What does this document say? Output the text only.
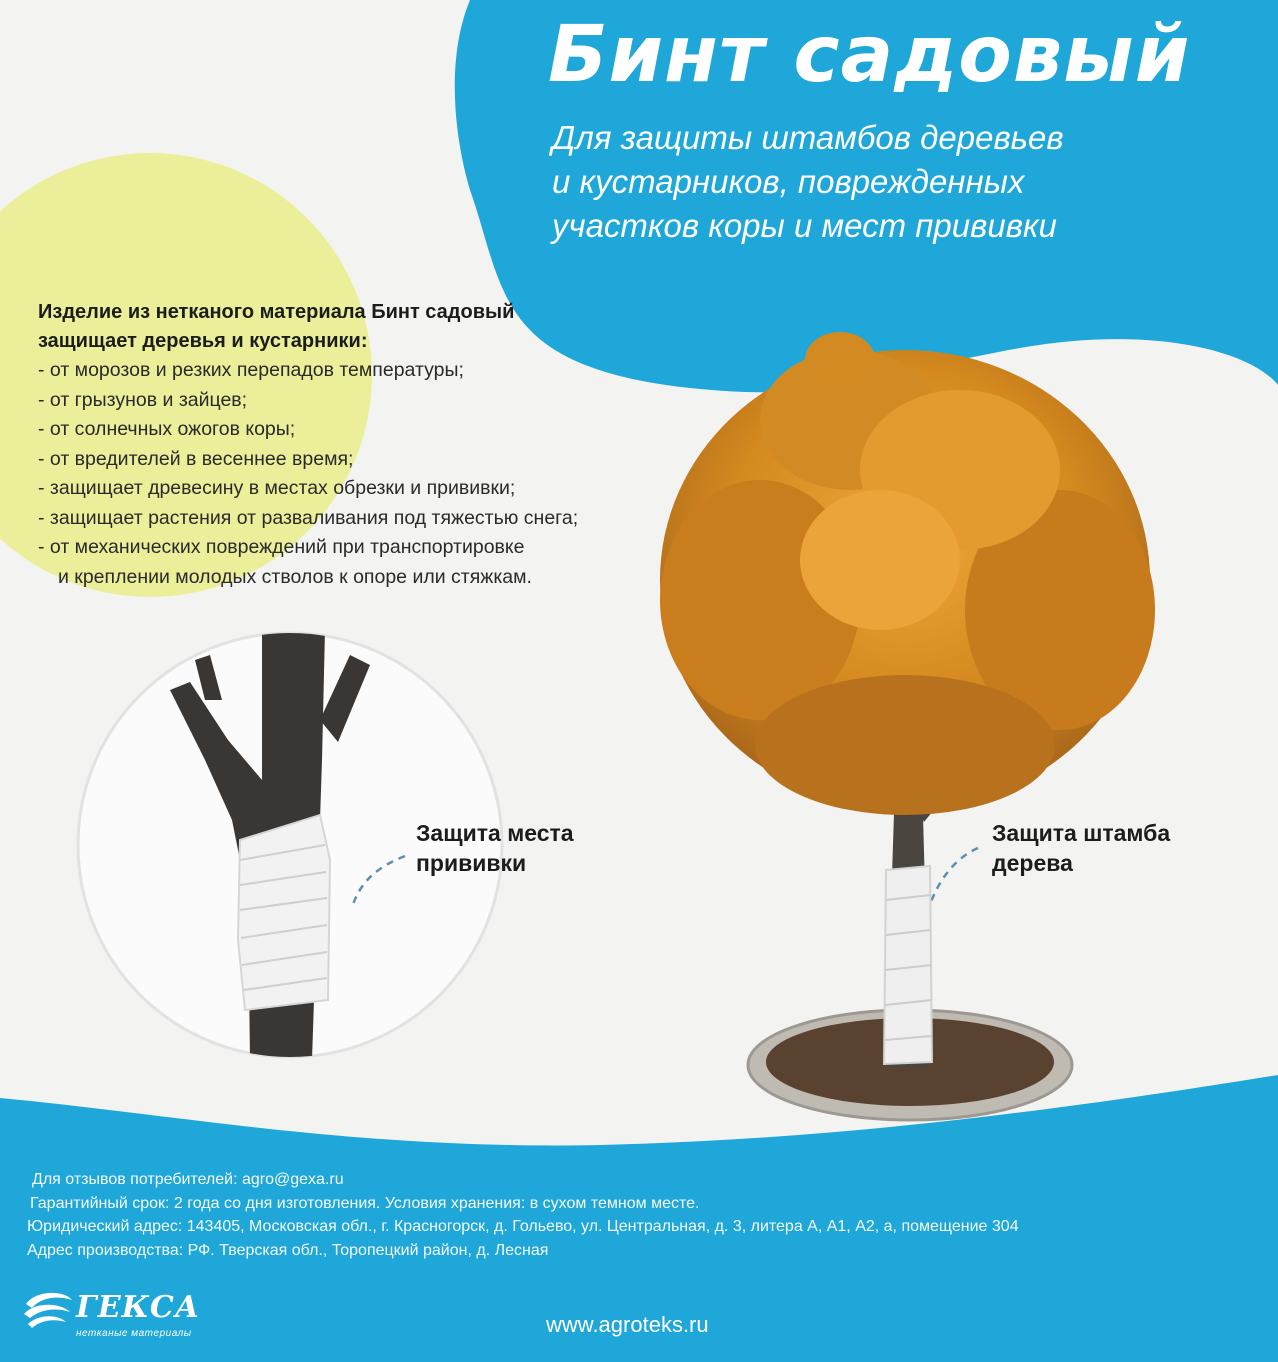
Бинт садовый
Для защиты штамбов деревьев
и кустарников, поврежденных
участков коры и мест прививки
Изделие из нетканого материала Бинт садовый
защищает деревья и кустарники:
- от морозов и резких перепадов температуры;
- от грызунов и зайцев;
- от солнечных ожогов коры;
- от вредителей в весеннее время;
- защищает древесину в местах обрезки и прививки;
- защищает растения от разваливания под тяжестью снега;
- от механических повреждений при транспортировке
и креплении молодых стволов к опоре или стяжкам.
Защита места
прививки
Защита штамба
дерева
Для отзывов потребителей: agro@gexa.ru
Гарантийный срок: 2 года со дня изготовления. Условия хранения: в сухом темном месте.
Юридический адрес: 143405, Московская обл., г. Красногорск, д. Гольево, ул. Центральная, д. 3, литера А, А1, А2, а, помещение 304
Адрес производства: РФ. Тверская обл., Торопецкий район, д. Лесная
ГЕКСА
нетканые материалы	www.agroteks.ru
